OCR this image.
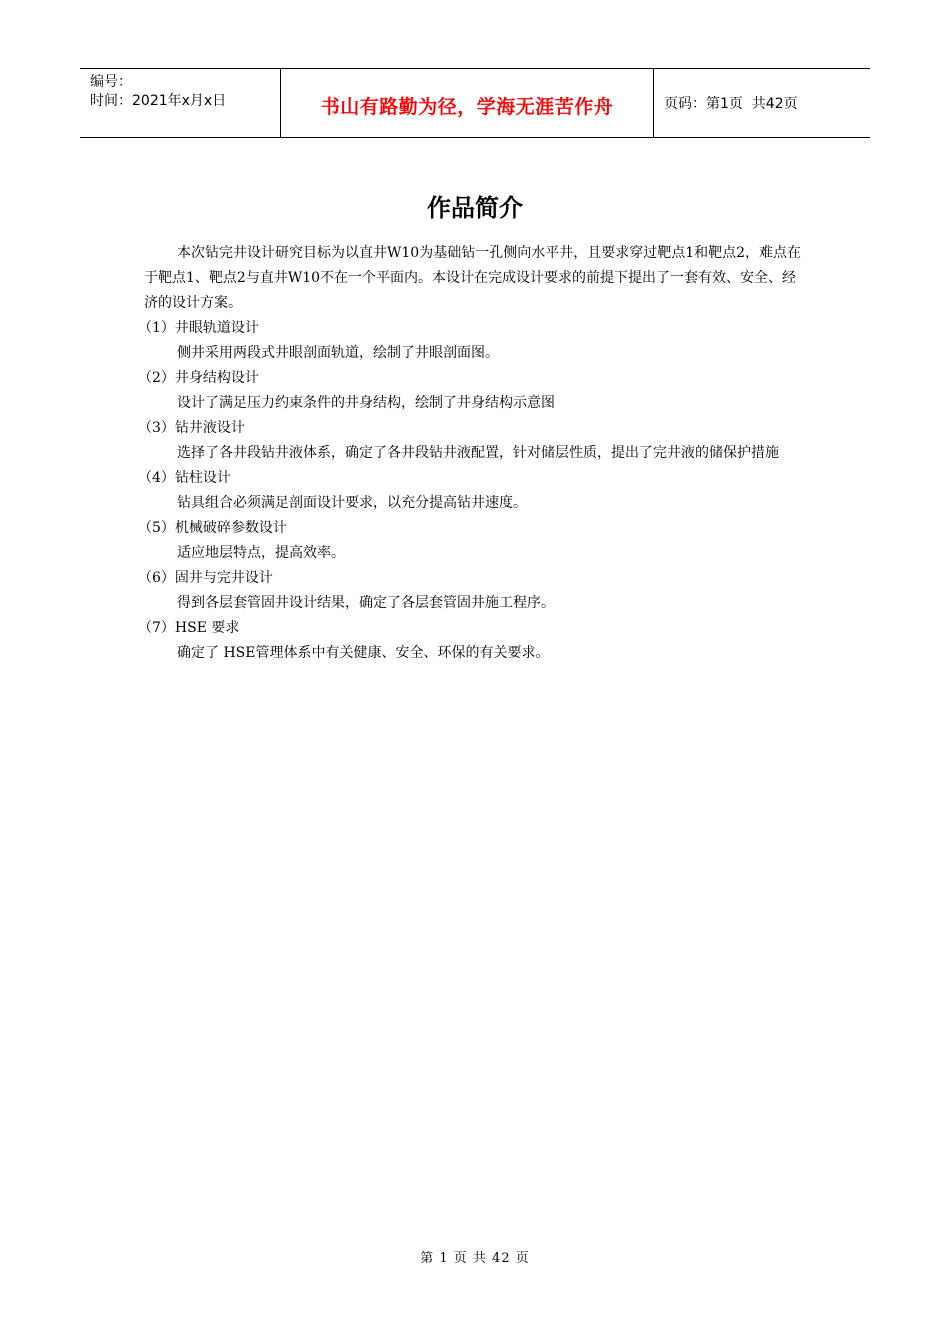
编号：
时间：2021年x月x日	书山有路勤为径，学海无涯苦作舟	页码：第1页  共42页
作品简介

本次钻完井设计研究目标为以直井W10为基础钻一孔侧向水平井，且要求穿过靶点1和靶点2，难点在于靶点1、靶点2与直井W10不在一个平面内。本设计在完成设计要求的前提下提出了一套有效、安全、经济的设计方案。

（1）井眼轨道设计

侧井采用两段式井眼剖面轨道，绘制了井眼剖面图。

（2）井身结构设计

设计了满足压力约束条件的井身结构，绘制了井身结构示意图

（3）钻井液设计

选择了各井段钻井液体系，确定了各井段钻井液配置，针对储层性质，提出了完井液的储保护措施

（4）钻柱设计

钻具组合必须满足剖面设计要求，以充分提高钻井速度。

（5）机械破碎参数设计

适应地层特点，提高效率。

（6）固井与完井设计

得到各层套管固井设计结果，确定了各层套管固井施工程序。

（7）HSE 要求

确定了 HSE管理体系中有关健康、安全、环保的有关要求。

第 1 页 共 42 页
